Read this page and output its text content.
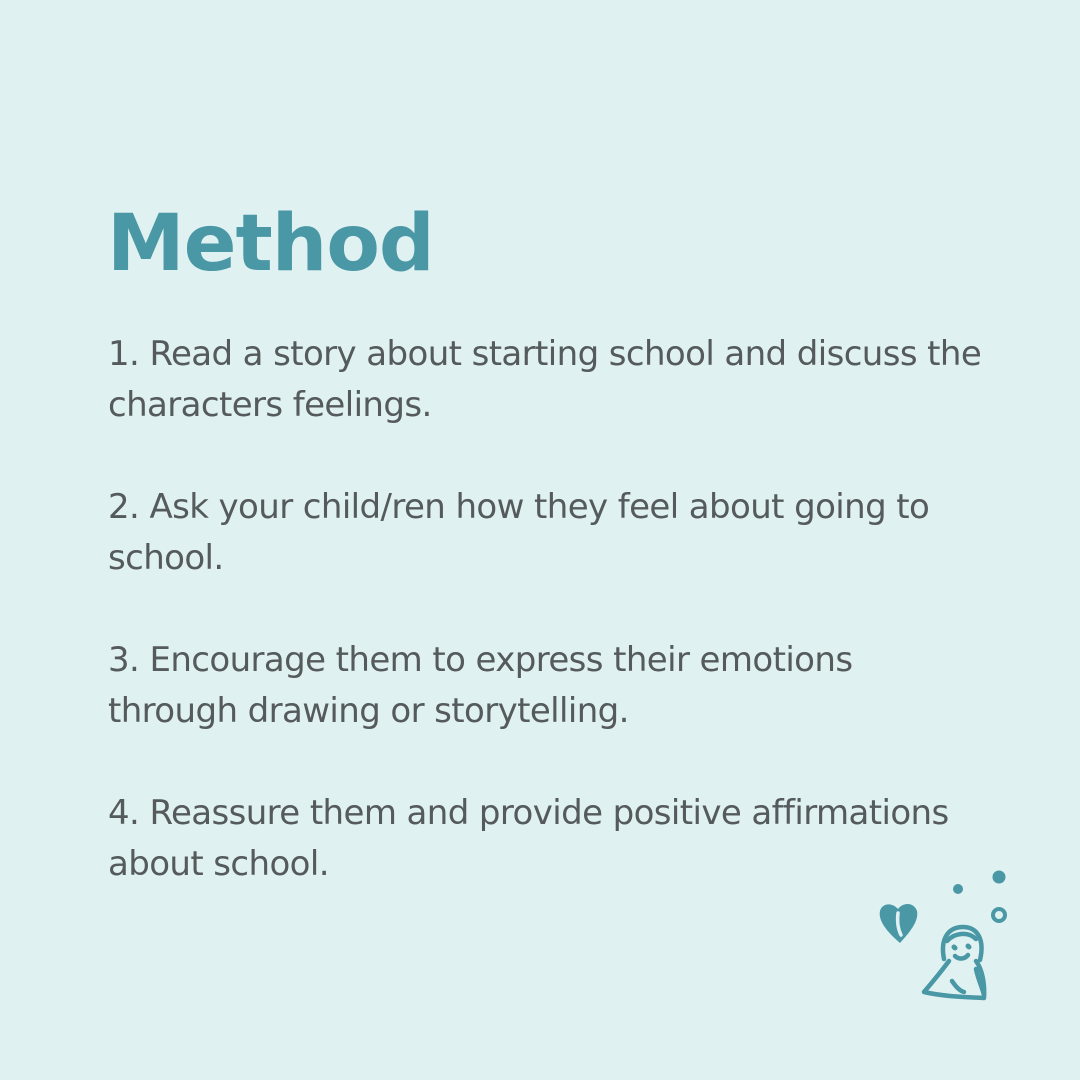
Method
1. Read a story about starting school and discuss the characters feelings.
2. Ask your child/ren how they feel about going to school.
3. Encourage them to express their emotions through drawing or storytelling.
4. Reassure them and provide positive affirmations about school.
